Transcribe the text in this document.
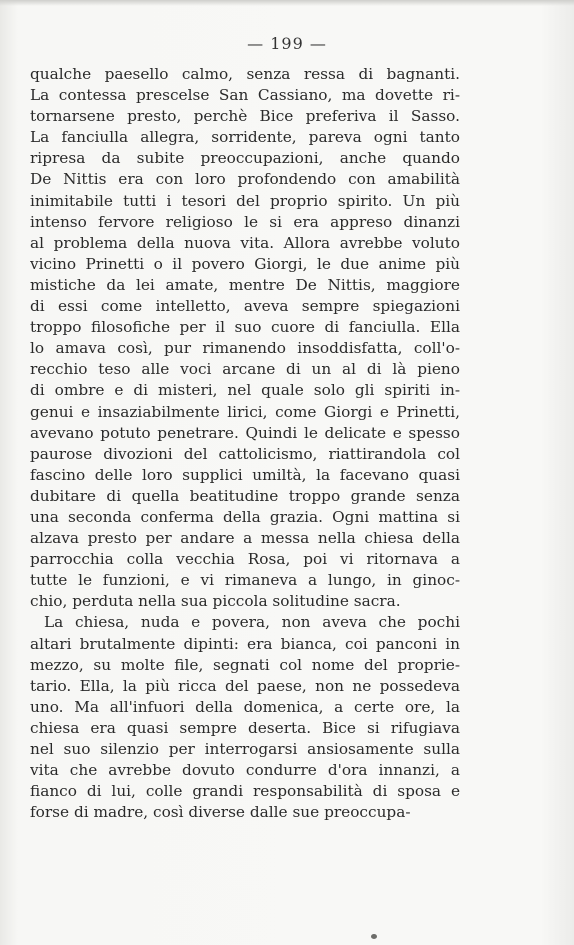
— 199 —
qualche paesello calmo, senza ressa di bagnanti.
La contessa prescelse San Cassiano, ma dovette ri-
tornarsene presto, perchè Bice preferiva il Sasso.
La fanciulla allegra, sorridente, pareva ogni tanto
ripresa da subite preoccupazioni, anche quando
De Nittis era con loro profondendo con amabilità
inimitabile tutti i tesori del proprio spirito. Un più
intenso fervore religioso le si era appreso dinanzi
al problema della nuova vita. Allora avrebbe voluto
vicino Prinetti o il povero Giorgi, le due anime più
mistiche da lei amate, mentre De Nittis, maggiore
di essi come intelletto, aveva sempre spiegazioni
troppo filosofiche per il suo cuore di fanciulla. Ella
lo amava così, pur rimanendo insoddisfatta, coll'o-
recchio teso alle voci arcane di un al di là pieno
di ombre e di misteri, nel quale solo gli spiriti in-
genui e insaziabilmente lirici, come Giorgi e Prinetti,
avevano potuto penetrare. Quindi le delicate e spesso
paurose divozioni del cattolicismo, riattirandola col
fascino delle loro supplici umiltà, la facevano quasi
dubitare di quella beatitudine troppo grande senza
una seconda conferma della grazia. Ogni mattina si
alzava presto per andare a messa nella chiesa della
parrocchia colla vecchia Rosa, poi vi ritornava a
tutte le funzioni, e vi rimaneva a lungo, in ginoc-
chio, perduta nella sua piccola solitudine sacra.
La chiesa, nuda e povera, non aveva che pochi
altari brutalmente dipinti: era bianca, coi panconi in
mezzo, su molte file, segnati col nome del proprie-
tario. Ella, la più ricca del paese, non ne possedeva
uno. Ma all'infuori della domenica, a certe ore, la
chiesa era quasi sempre deserta. Bice si rifugiava
nel suo silenzio per interrogarsi ansiosamente sulla
vita che avrebbe dovuto condurre d'ora innanzi, a
fianco di lui, colle grandi responsabilità di sposa e
forse di madre, così diverse dalle sue preoccupa-
